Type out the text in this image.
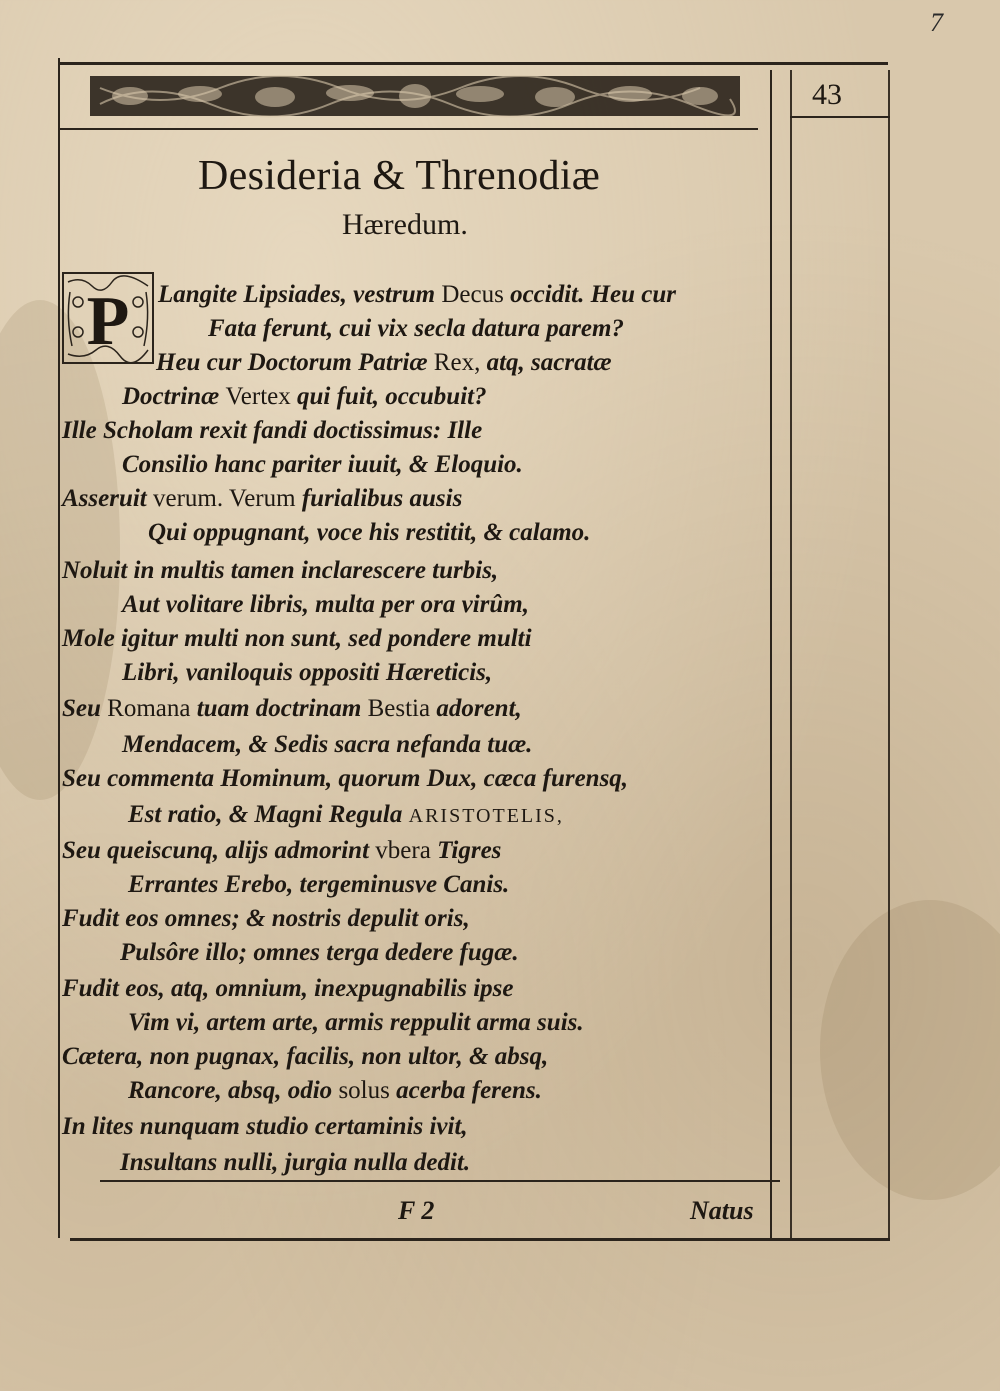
7
43
Desideria & Threnodiæ
Hæredum.
P Langite Lipsiades, vestrum Decus occidit. Heu cur
Fata ferunt, cui vix secla datura parem?
Heu cur Doctorum Patriæ Rex, atq, sacratæ
Doctrinæ Vertex qui fuit, occubuit?
Ille Scholam rexit fandi doctissimus: Ille
Consilio hanc pariter iuuit, & Eloquio.
Asseruit verum. Verum furialibus ausis
Qui oppugnant, voce his restitit, & calamo.
Noluit in multis tamen inclarescere turbis,
Aut volitare libris, multa per ora virûm,
Mole igitur multi non sunt, sed pondere multi
Libri, vaniloquis oppositi Hæreticis,
Seu Romana tuam doctrinam Bestia adorent,
Mendacem, & Sedis sacra nefanda tuæ.
Seu commenta Hominum, quorum Dux, cæca furensq,
Est ratio, & Magni Regula ARISTOTELIS,
Seu queiscunq, alijs admorint vbera Tigres
Errantes Erebo, tergeminusve Canis.
Fudit eos omnes; & nostris depulit oris,
Pulsôre illo; omnes terga dedere fugæ.
Fudit eos, atq, omnium, inexpugnabilis ipse
Vim vi, artem arte, armis reppulit arma suis.
Cætera, non pugnax, facilis, non ultor, & absq,
Rancore, absq, odio solus acerba ferens.
In lites nunquam studio certaminis ivit,
Insultans nulli, jurgia nulla dedit.
F 2	Natus
